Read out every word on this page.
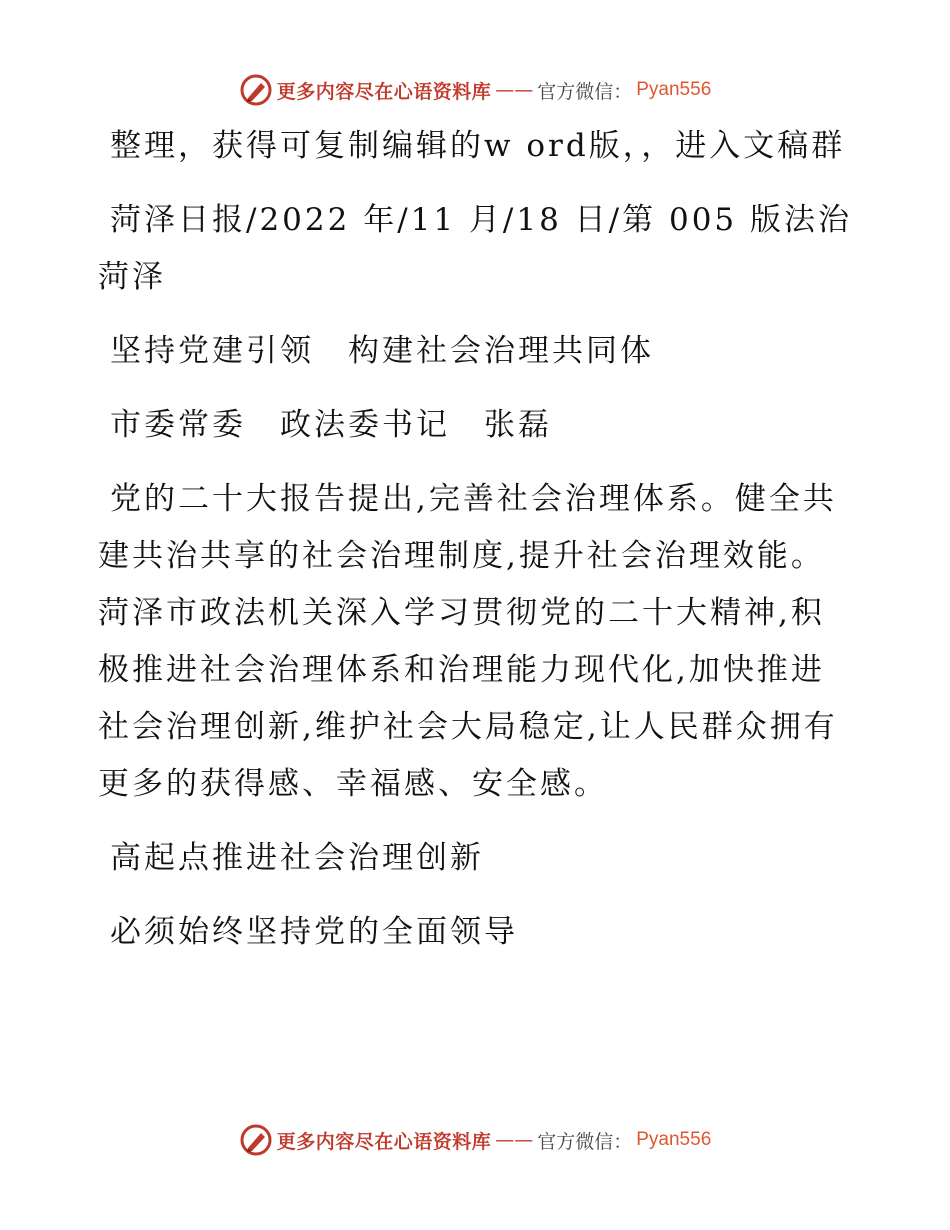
更多内容尽在心语资料库 —— 官方微信： Pyan556

整理，获得可复制编辑的w ord版，，进入文稿群

菏泽日报/2022 年/11 月/18 日/第 005 版法治菏泽

坚持党建引领　构建社会治理共同体

市委常委　政法委书记　张磊

党的二十大报告提出,完善社会治理体系。健全共建共治共享的社会治理制度,提升社会治理效能。菏泽市政法机关深入学习贯彻党的二十大精神,积极推进社会治理体系和治理能力现代化,加快推进社会治理创新,维护社会大局稳定,让人民群众拥有更多的获得感、幸福感、安全感。

高起点推进社会治理创新

必须始终坚持党的全面领导

更多内容尽在心语资料库 —— 官方微信： Pyan556
